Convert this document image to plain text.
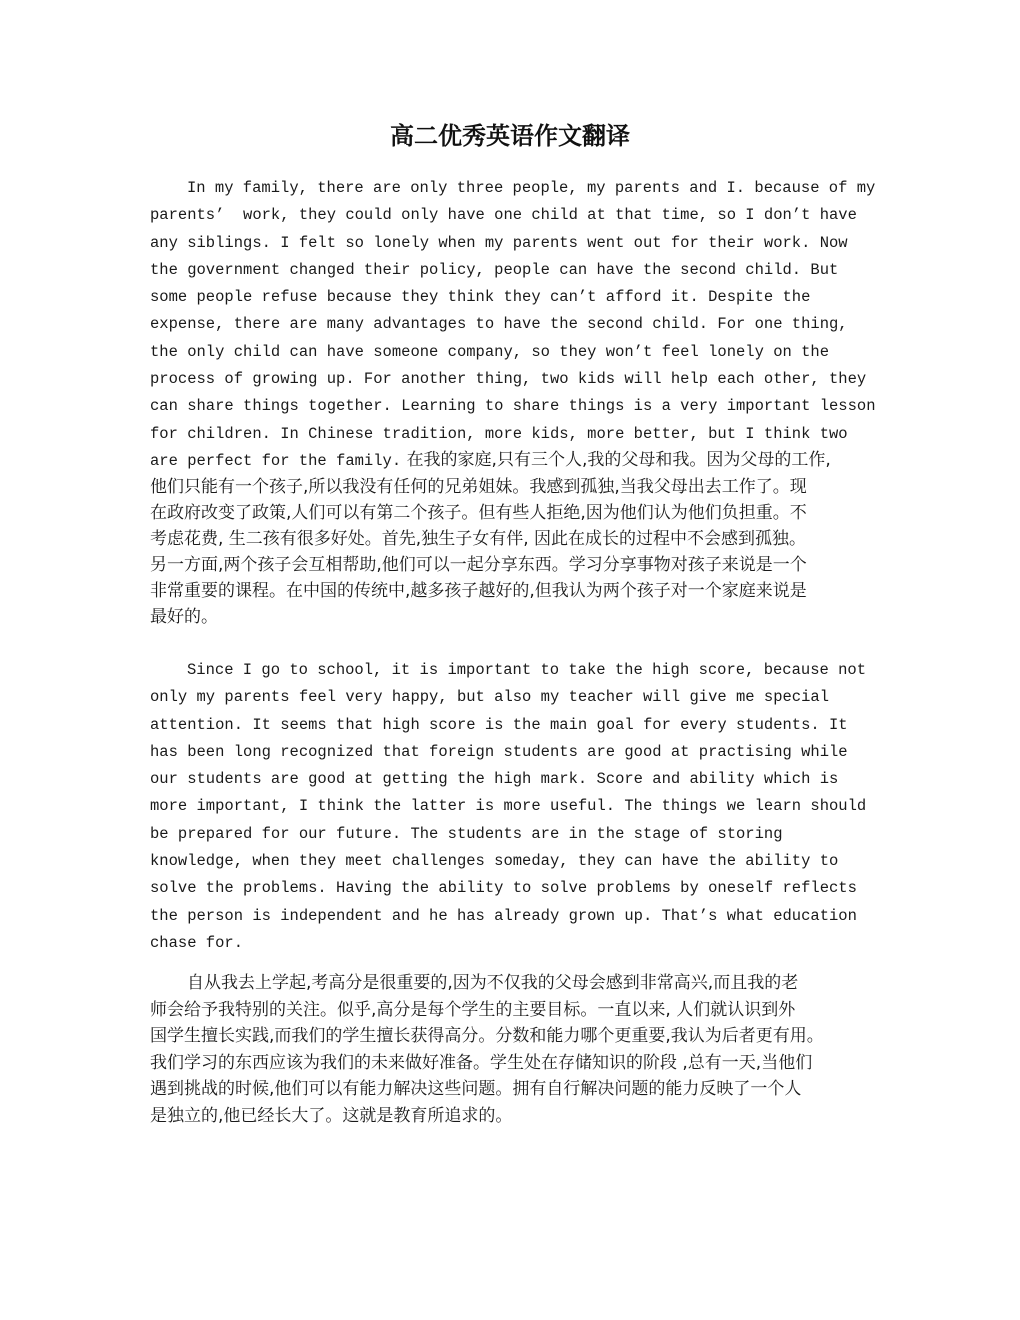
高二优秀英语作文翻译
In my family, there are only three people, my parents and I. because of my
parents’  work, they could only have one child at that time, so I don’t have
any siblings. I felt so lonely when my parents went out for their work. Now
the government changed their policy, people can have the second child. But
some people refuse because they think they can’t afford it. Despite the
expense, there are many advantages to have the second child. For one thing,
the only child can have someone company, so they won’t feel lonely on the
process of growing up. For another thing, two kids will help each other, they
can share things together. Learning to share things is a very important lesson
for children. In Chinese tradition, more kids, more better, but I think two
are perfect for the family. 在我的家庭,只有三个人,我的父母和我。因为父母的工作,
他们只能有一个孩子,所以我没有任何的兄弟姐妹。我感到孤独,当我父母出去工作了。现
在政府改变了政策,人们可以有第二个孩子。但有些人拒绝,因为他们认为他们负担重。不
考虑花费, 生二孩有很多好处。首先,独生子女有伴, 因此在成长的过程中不会感到孤独。
另一方面,两个孩子会互相帮助,他们可以一起分享东西。学习分享事物对孩子来说是一个
非常重要的课程。在中国的传统中,越多孩子越好的,但我认为两个孩子对一个家庭来说是
最好的。
Since I go to school, it is important to take the high score, because not
only my parents feel very happy, but also my teacher will give me special
attention. It seems that high score is the main goal for every students. It
has been long recognized that foreign students are good at practising while
our students are good at getting the high mark. Score and ability which is
more important, I think the latter is more useful. The things we learn should
be prepared for our future. The students are in the stage of storing
knowledge, when they meet challenges someday, they can have the ability to
solve the problems. Having the ability to solve problems by oneself reflects
the person is independent and he has already grown up. That’s what education
chase for.
自从我去上学起,考高分是很重要的,因为不仅我的父母会感到非常高兴,而且我的老
师会给予我特别的关注。似乎,高分是每个学生的主要目标。一直以来, 人们就认识到外
国学生擅长实践,而我们的学生擅长获得高分。分数和能力哪个更重要,我认为后者更有用。
我们学习的东西应该为我们的未来做好准备。学生处在存储知识的阶段 ,总有一天,当他们
遇到挑战的时候,他们可以有能力解决这些问题。拥有自行解决问题的能力反映了一个人
是独立的,他已经长大了。这就是教育所追求的。
